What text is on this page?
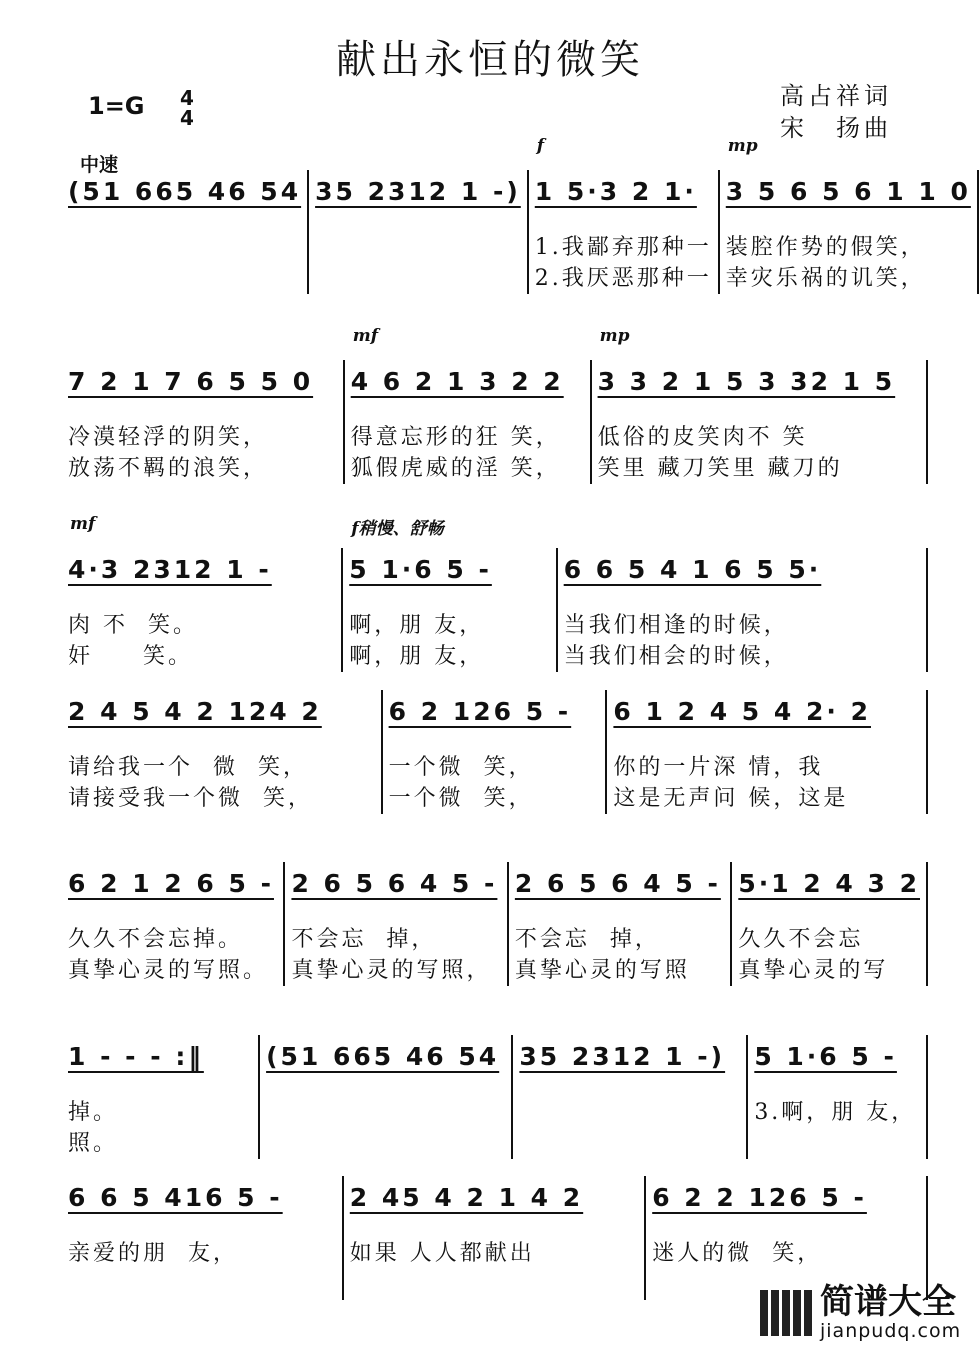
献出永恒的微笑
1=G 4
4
高占祥词
宋　扬曲
中速
(51 665 46 54 35 2312 1 -)
f
1 5·3 2 1·
1.我鄙弃那种一
2.我厌恶那种一
mp
3 5 6 5 6 1 1 0
装腔作势的假笑，
幸灾乐祸的讥笑，
7 2 1 7 6 5 5 0
冷漠轻浮的阴笑，
放荡不羁的浪笑，
mf
4 6 2 1 3 2 2
得意忘形的狂 笑，
狐假虎威的淫 笑，
mp
3 3 2 1 5 3 32 1 5
低俗的皮笑肉不 笑
笑里 藏刀笑里 藏刀的
mf
4·3 2312 1 -
肉 不  笑。
奸     笑。
f稍慢、舒畅
5 1·6 5 -
啊，朋 友，
啊，朋 友，
6 6 5 4 1 6 5 5·
当我们相逢的时候，
当我们相会的时候，
2 4 5 4 2 124 2
请给我一个  微  笑，
请接受我一个微  笑，
6 2 126 5 -
一个微  笑，
一个微  笑，
6 1 2 4 5 4 2· 2
你的一片深 情，我
这是无声问 候，这是
6 2 1 2 6 5 -
久久不会忘掉。
真挚心灵的写照。
2 6 5 6 4 5 -
不会忘  掉，
真挚心灵的写照，
2 6 5 6 4 5 -
不会忘  掉，
真挚心灵的写照
5·1 2 4 3 2
久久不会忘
真挚心灵的写
1 - - - :‖
掉。
照。
(51 665 46 54 35 2312 1 -)	5 1·6 5 -
3.啊，朋 友，
6 6 5 416 5 -
亲爱的朋  友，
2 45 4 2 1 4 2
如果 人人都献出
6 2 2 126 5 -
迷人的微  笑，
简谱大全
jianpudq.com
